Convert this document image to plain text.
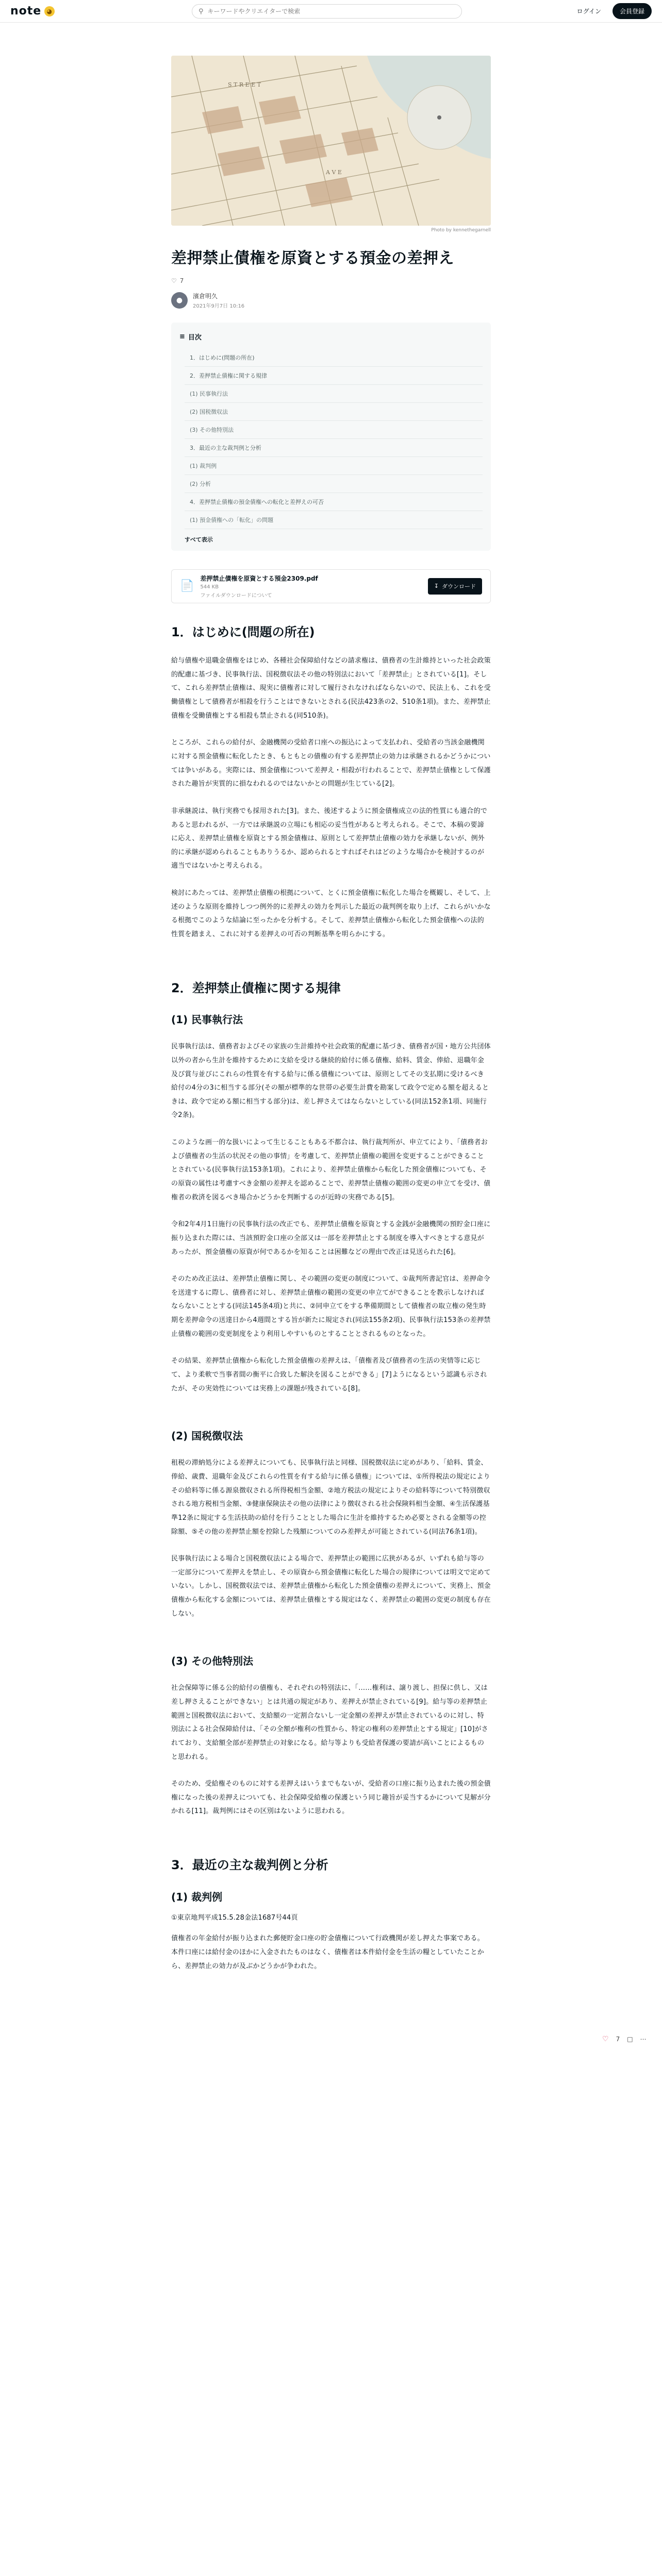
note ◕	⚲
キーワードやクリエイターで検索	ログイン	会員登録
S T R E E T
A V E
Photo by kennethegarnell
差押禁止債権を原資とする預金の差押え
♡ 7
●	濱倉明久
2021年9月7日 10:16
≡ 目次
1．はじめに(問題の所在)
2．差押禁止債権に関する規律
(1) 民事執行法
(2) 国税徴収法
(3) その他特別法
3．最近の主な裁判例と分析
(1) 裁判例
(2) 分析
4．差押禁止債権の預金債権への転化と差押えの可否
(1) 預金債権への「転化」の問題
すべて表示
📄
差押禁止債権を原資とする預金2309.pdf
544 KB
ファイルダウンロードについて
↧ ダウンロード
1．はじめに(問題の所在)

給与債権や退職金債権をはじめ、各種社会保障給付などの請求権は、債務者の生計維持といった社会政策的配慮に基づき、民事執行法、国税徴収法その他の特別法において「差押禁止」とされている[1]。そして、これら差押禁止債権は、現実に債権者に対して履行されなければならないので、民法上も、これを受働債権として債務者が相殺を行うことはできないとされる(民法423条の2、510条1項)。また、差押禁止債権を受働債権とする相殺も禁止される(同510条)。

ところが、これらの給付が、金融機関の受給者口座への振込によって支払われ、受給者の当該金融機関に対する預金債権に転化したとき、もともとの債権の有する差押禁止の効力は承継されるかどうかについては争いがある。実際には、預金債権について差押え・相殺が行われることで、差押禁止債権として保護された趣旨が実質的に損なわれるのではないかとの問題が生じている[2]。

非承継説は、執行実務でも採用された[3]。また、後述するように預金債権成立の法的性質にも適合的であると思われるが、一方では承継説の立場にも相応の妥当性があると考えられる。そこで、本稿の要諦に応え、差押禁止債権を原資とする預金債権は、原則として差押禁止債権の効力を承継しないが、例外的に承継が認められることもありうるか、認められるとすればそれはどのような場合かを検討するのが適当ではないかと考えられる。

検討にあたっては、差押禁止債権の根拠について、とくに預金債権に転化した場合を概観し、そして、上述のような原則を維持しつつ例外的に差押えの効力を判示した最近の裁判例を取り上げ、これらがいかなる根拠でこのような結論に至ったかを分析する。そして、差押禁止債権から転化した預金債権への法的性質を踏まえ、これに対する差押えの可否の判断基準を明らかにする。

2．差押禁止債権に関する規律
(1) 民事執行法

民事執行法は、債務者およびその家族の生計維持や社会政策的配慮に基づき、債務者が国・地方公共団体以外の者から生計を維持するために支給を受ける継続的給付に係る債権、給料、賃金、俸給、退職年金及び賞与並びにこれらの性質を有する給与に係る債権については、原則としてその支払期に受けるべき給付の4分の3に相当する部分(その額が標準的な世帯の必要生計費を勘案して政令で定める額を超えるときは、政令で定める額に相当する部分)は、差し押さえてはならないとしている(同法152条1項、同施行令2条)。

このような画一的な扱いによって生じることもある不都合は、執行裁判所が、申立てにより、「債務者および債権者の生活の状況その他の事情」を考慮して、差押禁止債権の範囲を変更することができることとされている(民事執行法153条1項)。これにより、差押禁止債権から転化した預金債権についても、その原資の属性は考慮すべき金額の差押えを認めることで、差押禁止債権の範囲の変更の申立てを受け、債権者の救済を図るべき場合かどうかを判断するのが近時の実務である[5]。

令和2年4月1日施行の民事執行法の改正でも、差押禁止債権を原資とする金銭が金融機関の預貯金口座に振り込まれた際には、当該預貯金口座の全部又は一部を差押禁止とする制度を導入すべきとする意見があったが、預金債権の原資が何であるかを知ることは困難などの理由で改正は見送られた[6]。

そのため改正法は、差押禁止債権に関し、その範囲の変更の制度について、①裁判所書記官は、差押命令を送達するに際し、債務者に対し、差押禁止債権の範囲の変更の申立てができることを教示しなければならないこととする(同法145条4項)と共に、②同申立てをする準備期間として債権者の取立権の発生時期を差押命令の送達日から4週間とする旨が新たに規定され(同法155条2項)、民事執行法153条の差押禁止債権の範囲の変更制度をより利用しやすいものとすることとされるものとなった。

その結果、差押禁止債権から転化した預金債権の差押えは、「債権者及び債務者の生活の実情等に応じて、より柔軟で当事者間の衡平に合致した解決を図ることができる」[7]ようになるという認識も示されたが、その実効性については実務上の課題が残されている[8]。

(2) 国税徴収法

租税の滞納処分による差押えについても、民事執行法と同様、国税徴収法に定めがあり、「給料、賃金、俸給、歳費、退職年金及びこれらの性質を有する給与に係る債権」については、①所得税法の規定によりその給料等に係る源泉徴収される所得税相当金額、②地方税法の規定によりその給料等について特別徴収される地方税相当金額、③健康保険法その他の法律により徴収される社会保険料相当金額、④生活保護基準12条に規定する生活扶助の給付を行うこととした場合に生計を維持するため必要とされる金額等の控除額、⑤その他の差押禁止額を控除した残額についてのみ差押えが可能とされている(同法76条1項)。

民事執行法による場合と国税徴収法による場合で、差押禁止の範囲に広狭があるが、いずれも給与等の一定部分について差押えを禁止し、その原資から預金債権に転化した場合の規律については明文で定めていない。しかし、国税徴収法では、差押禁止債権から転化した預金債権の差押えについて、実務上、預金債権から転化する金額については、差押禁止債権とする規定はなく、差押禁止の範囲の変更の制度も存在しない。

(3) その他特別法

社会保障等に係る公的給付の債権も、それぞれの特別法に、「……権利は、譲り渡し、担保に供し、又は差し押さえることができない」とは共通の規定があり、差押えが禁止されている[9]。給与等の差押禁止範囲と国税徴収法において、支給額の一定割合ないし一定金額の差押えが禁止されているのに対し、特別法による社会保障給付は、「その全額が権利の性質から、特定の権利の差押禁止とする規定」[10]がされており、支給額全部が差押禁止の対象になる。給与等よりも受給者保護の要請が高いことによるものと思われる。

そのため、受給権そのものに対する差押えはいうまでもないが、受給者の口座に振り込まれた後の預金債権になった後の差押えについても、社会保障受給権の保護という同じ趣旨が妥当するかについて見解が分かれる[11]。裁判例にはその区別はないように思われる。

3．最近の主な裁判例と分析
(1) 裁判例

①東京地判平成15.5.28金法1687号44頁

債権者の年金給付が振り込まれた郵便貯金口座の貯金債権について行政機関が差し押えた事案である。本件口座には給付金のほかに入金されたものはなく、債権者は本件給付金を生活の糧としていたことから、差押禁止の効力が及ぶかどうかが争われた。

♡ 7 □ ⋯
